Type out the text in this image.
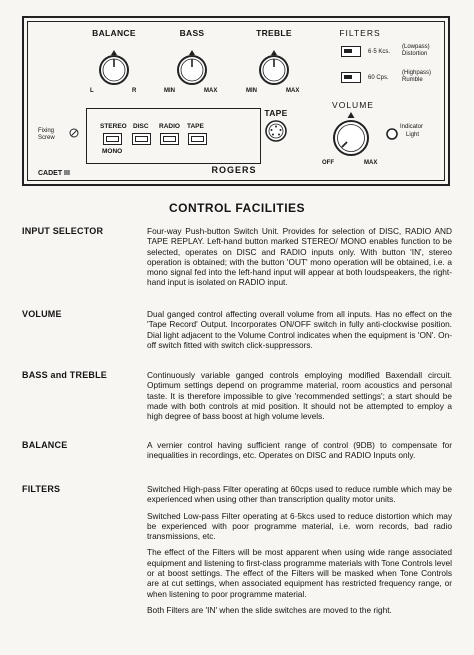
BALANCE
L	R
BASS
MIN	MAX
TREBLE
MIN	MAX
FILTERS
6·5 Kcs.
(Lowpass)
Distortion
60 Cps.
(Highpass)
Rumble
Fixing
Screw
STEREO DISC RADIO TAPE
MONO
TAPE
VOLUME
OFF	MAX
Indicator
Light
CADET III	ROGERS
CONTROL FACILITIES
INPUT SELECTOR	Four-way Push-button Switch Unit. Provides for selection of DISC, RADIO AND TAPE REPLAY. Left-hand button marked STEREO/ MONO enables function to be selected, operates on DISC and RADIO inputs only. With button 'IN', stereo operation is obtained; with the button 'OUT' mono operation will be obtained, i.e. a mono signal fed into the left-hand input will appear at both loudspeakers, the right-hand input is isolated on RADIO input.

VOLUME	Dual ganged control affecting overall volume from all inputs. Has no effect on the 'Tape Record' Output. Incorporates ON/OFF switch in fully anti-clockwise position. Dial light adjacent to the Volume Control indicates when the equipment is 'ON'. On-off switch fitted with switch click-suppressors.

BASS and TREBLE	Continuously variable ganged controls employing modified Baxendall circuit. Optimum settings depend on programme material, room acoustics and personal taste. It is therefore impossible to give 'recommended settings'; a start should be made with both controls at mid position. It should not be attempted to employ a high degree of bass boost at high volume levels.

BALANCE	A vernier control having sufficient range of control (9DB) to compensate for inequalities in recordings, etc. Operates on DISC and RADIO Inputs only.

FILTERS	Switched High-pass Filter operating at 60cps used to reduce rumble which may be experienced when using other than transcription quality motor units.

Switched Low-pass Filter operating at 6·5kcs used to reduce distortion which may be experienced with poor programme material, i.e. worn records, bad radio transmissions, etc.

The effect of the Filters will be most apparent when using wide range associated equipment and listening to first-class programme materials with Tone Controls level or at boost settings. The effect of the Filters will be masked when Tone Controls are at cut settings, when associated equipment has restricted frequency range, or when listening to poor programme material.

Both Filters are 'IN' when the slide switches are moved to the right.
